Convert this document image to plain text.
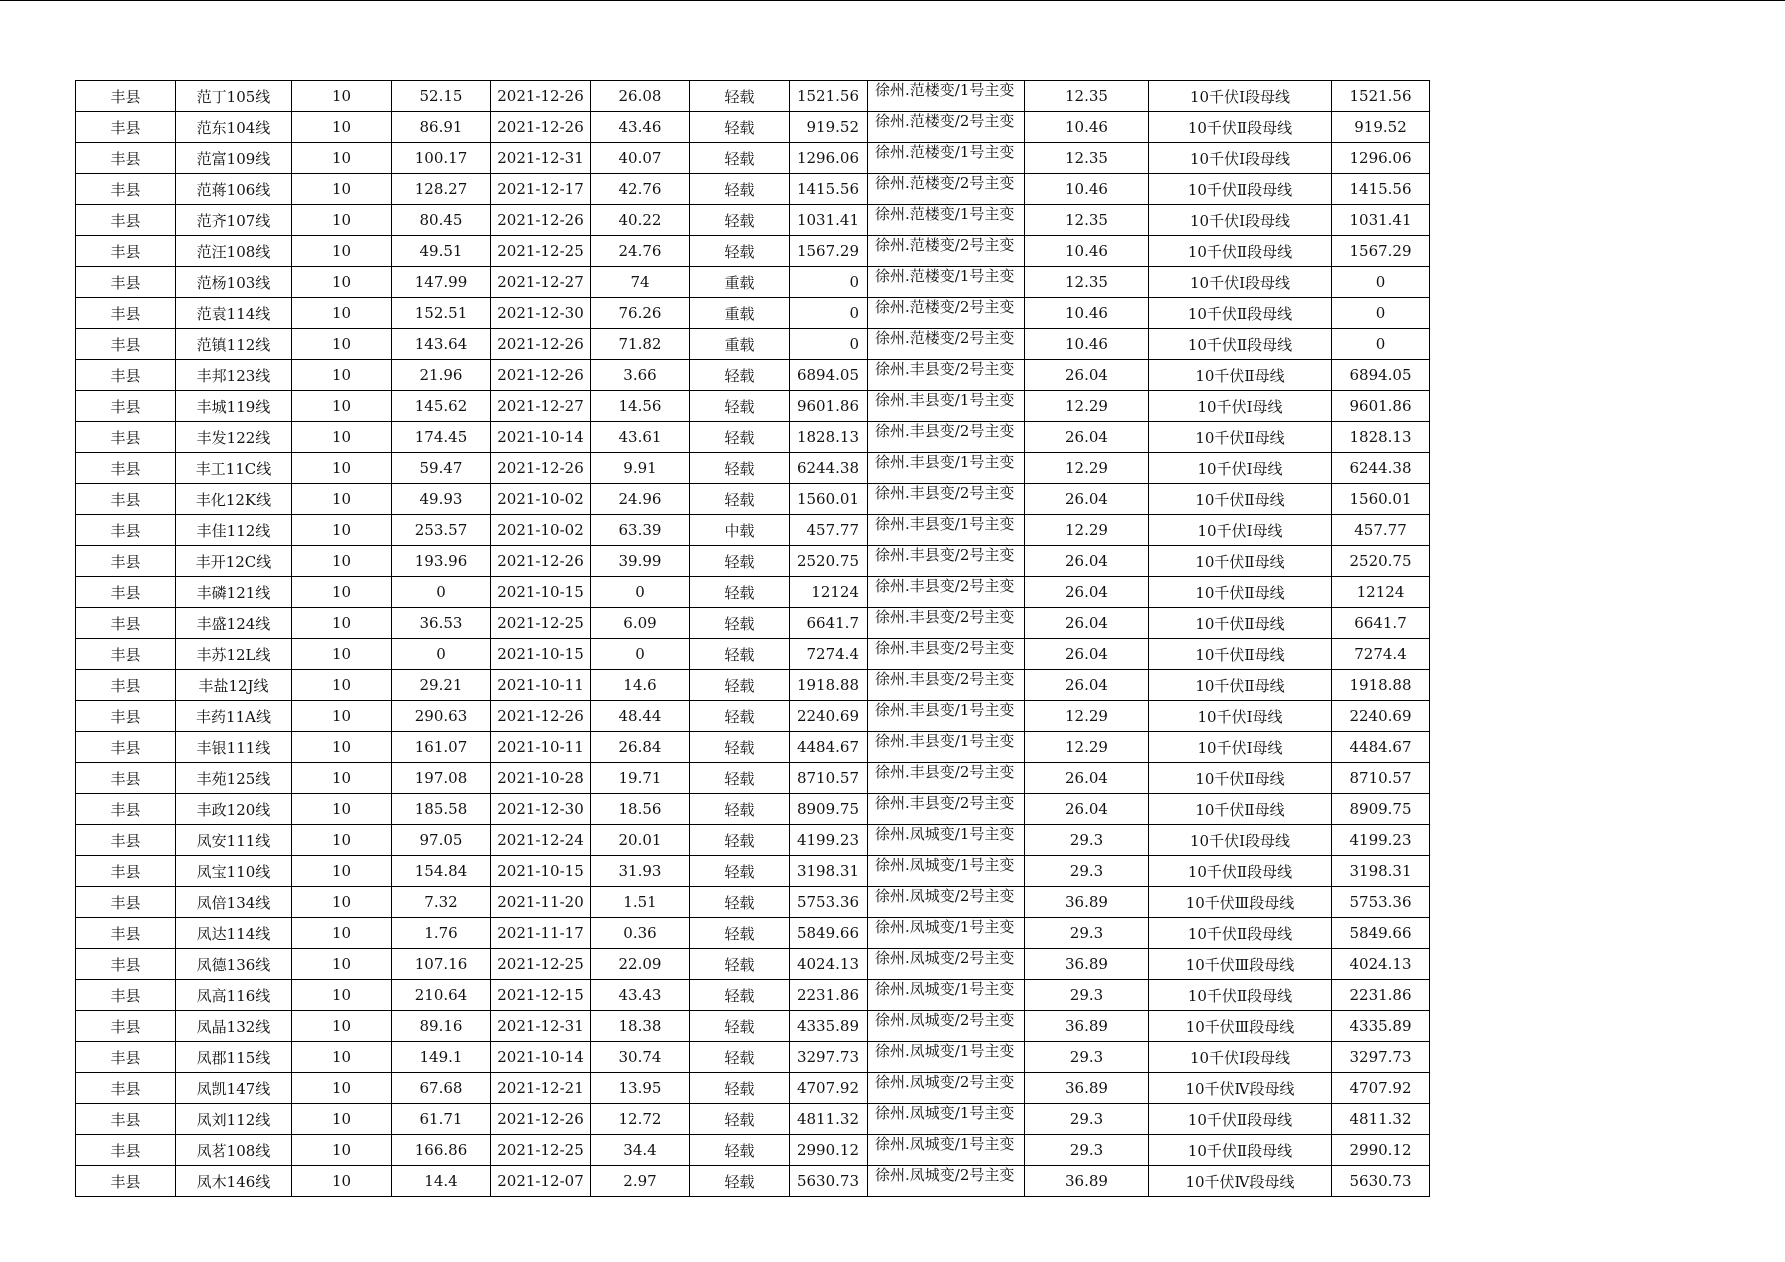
丰县	范丁105线	10	52.15	2021-12-26	26.08	轻载	1521.56	徐州.范楼变/1号主变	12.35	10千伏Ⅰ段母线	1521.56
丰县	范东104线	10	86.91	2021-12-26	43.46	轻载	919.52	徐州.范楼变/2号主变	10.46	10千伏Ⅱ段母线	919.52
丰县	范富109线	10	100.17	2021-12-31	40.07	轻载	1296.06	徐州.范楼变/1号主变	12.35	10千伏Ⅰ段母线	1296.06
丰县	范蒋106线	10	128.27	2021-12-17	42.76	轻载	1415.56	徐州.范楼变/2号主变	10.46	10千伏Ⅱ段母线	1415.56
丰县	范齐107线	10	80.45	2021-12-26	40.22	轻载	1031.41	徐州.范楼变/1号主变	12.35	10千伏Ⅰ段母线	1031.41
丰县	范汪108线	10	49.51	2021-12-25	24.76	轻载	1567.29	徐州.范楼变/2号主变	10.46	10千伏Ⅱ段母线	1567.29
丰县	范杨103线	10	147.99	2021-12-27	74	重载	0	徐州.范楼变/1号主变	12.35	10千伏Ⅰ段母线	0
丰县	范袁114线	10	152.51	2021-12-30	76.26	重载	0	徐州.范楼变/2号主变	10.46	10千伏Ⅱ段母线	0
丰县	范镇112线	10	143.64	2021-12-26	71.82	重载	0	徐州.范楼变/2号主变	10.46	10千伏Ⅱ段母线	0
丰县	丰邦123线	10	21.96	2021-12-26	3.66	轻载	6894.05	徐州.丰县变/2号主变	26.04	10千伏Ⅱ母线	6894.05
丰县	丰城119线	10	145.62	2021-12-27	14.56	轻载	9601.86	徐州.丰县变/1号主变	12.29	10千伏Ⅰ母线	9601.86
丰县	丰发122线	10	174.45	2021-10-14	43.61	轻载	1828.13	徐州.丰县变/2号主变	26.04	10千伏Ⅱ母线	1828.13
丰县	丰工11C线	10	59.47	2021-12-26	9.91	轻载	6244.38	徐州.丰县变/1号主变	12.29	10千伏Ⅰ母线	6244.38
丰县	丰化12K线	10	49.93	2021-10-02	24.96	轻载	1560.01	徐州.丰县变/2号主变	26.04	10千伏Ⅱ母线	1560.01
丰县	丰佳112线	10	253.57	2021-10-02	63.39	中载	457.77	徐州.丰县变/1号主变	12.29	10千伏Ⅰ母线	457.77
丰县	丰开12C线	10	193.96	2021-12-26	39.99	轻载	2520.75	徐州.丰县变/2号主变	26.04	10千伏Ⅱ母线	2520.75
丰县	丰磷121线	10	0	2021-10-15	0	轻载	12124	徐州.丰县变/2号主变	26.04	10千伏Ⅱ母线	12124
丰县	丰盛124线	10	36.53	2021-12-25	6.09	轻载	6641.7	徐州.丰县变/2号主变	26.04	10千伏Ⅱ母线	6641.7
丰县	丰苏12L线	10	0	2021-10-15	0	轻载	7274.4	徐州.丰县变/2号主变	26.04	10千伏Ⅱ母线	7274.4
丰县	丰盐12J线	10	29.21	2021-10-11	14.6	轻载	1918.88	徐州.丰县变/2号主变	26.04	10千伏Ⅱ母线	1918.88
丰县	丰药11A线	10	290.63	2021-12-26	48.44	轻载	2240.69	徐州.丰县变/1号主变	12.29	10千伏Ⅰ母线	2240.69
丰县	丰银111线	10	161.07	2021-10-11	26.84	轻载	4484.67	徐州.丰县变/1号主变	12.29	10千伏Ⅰ母线	4484.67
丰县	丰苑125线	10	197.08	2021-10-28	19.71	轻载	8710.57	徐州.丰县变/2号主变	26.04	10千伏Ⅱ母线	8710.57
丰县	丰政120线	10	185.58	2021-12-30	18.56	轻载	8909.75	徐州.丰县变/2号主变	26.04	10千伏Ⅱ母线	8909.75
丰县	凤安111线	10	97.05	2021-12-24	20.01	轻载	4199.23	徐州.凤城变/1号主变	29.3	10千伏Ⅰ段母线	4199.23
丰县	凤宝110线	10	154.84	2021-10-15	31.93	轻载	3198.31	徐州.凤城变/1号主变	29.3	10千伏Ⅱ段母线	3198.31
丰县	凤倍134线	10	7.32	2021-11-20	1.51	轻载	5753.36	徐州.凤城变/2号主变	36.89	10千伏Ⅲ段母线	5753.36
丰县	凤达114线	10	1.76	2021-11-17	0.36	轻载	5849.66	徐州.凤城变/1号主变	29.3	10千伏Ⅱ段母线	5849.66
丰县	凤德136线	10	107.16	2021-12-25	22.09	轻载	4024.13	徐州.凤城变/2号主变	36.89	10千伏Ⅲ段母线	4024.13
丰县	凤高116线	10	210.64	2021-12-15	43.43	轻载	2231.86	徐州.凤城变/1号主变	29.3	10千伏Ⅱ段母线	2231.86
丰县	凤晶132线	10	89.16	2021-12-31	18.38	轻载	4335.89	徐州.凤城变/2号主变	36.89	10千伏Ⅲ段母线	4335.89
丰县	凤郡115线	10	149.1	2021-10-14	30.74	轻载	3297.73	徐州.凤城变/1号主变	29.3	10千伏Ⅰ段母线	3297.73
丰县	凤凯147线	10	67.68	2021-12-21	13.95	轻载	4707.92	徐州.凤城变/2号主变	36.89	10千伏Ⅳ段母线	4707.92
丰县	凤刘112线	10	61.71	2021-12-26	12.72	轻载	4811.32	徐州.凤城变/1号主变	29.3	10千伏Ⅱ段母线	4811.32
丰县	凤茗108线	10	166.86	2021-12-25	34.4	轻载	2990.12	徐州.凤城变/1号主变	29.3	10千伏Ⅱ段母线	2990.12
丰县	凤木146线	10	14.4	2021-12-07	2.97	轻载	5630.73	徐州.凤城变/2号主变	36.89	10千伏Ⅳ段母线	5630.73
